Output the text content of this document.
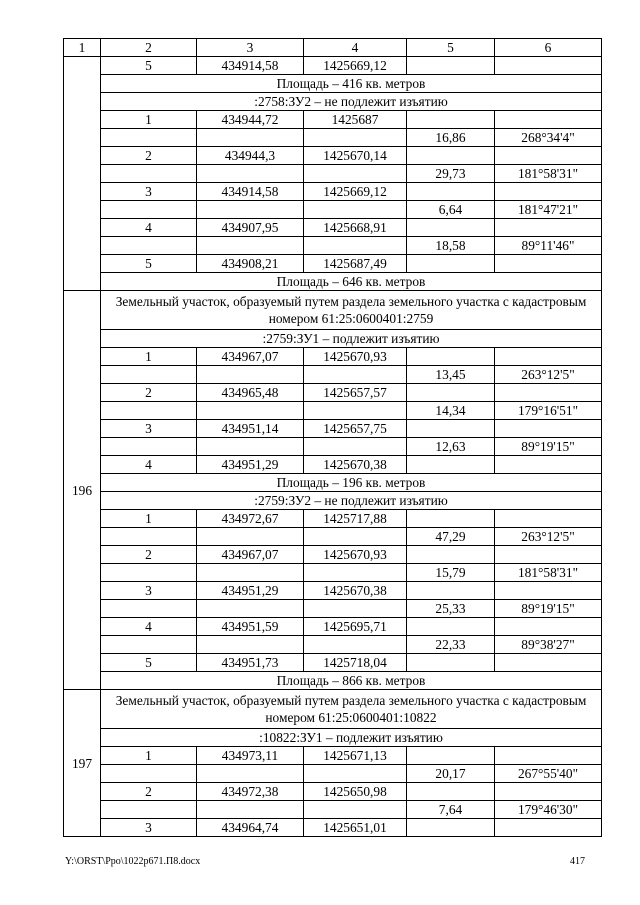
1	2	3	4	5	6
	5	434914,58	1425669,12		
	Площадь – 416 кв. метров				
	:2758:ЗУ2 – не подлежит изъятию				
	1	434944,72	1425687		
				16,86	268°34'4"
	2	434944,3	1425670,14		
				29,73	181°58'31"
	3	434914,58	1425669,12		
				6,64	181°47'21"
	4	434907,95	1425668,91		
				18,58	89°11'46"
	5	434908,21	1425687,49		
	Площадь – 646 кв. метров				
196	Земельный участок, образуемый путем раздела земельного участка с кадастровым номером 61:25:0600401:2759				
	:2759:ЗУ1 – подлежит изъятию				
	1	434967,07	1425670,93		
				13,45	263°12'5"
	2	434965,48	1425657,57		
				14,34	179°16'51"
	3	434951,14	1425657,75		
				12,63	89°19'15"
	4	434951,29	1425670,38		
	Площадь – 196 кв. метров				
	:2759:ЗУ2 – не подлежит изъятию				
	1	434972,67	1425717,88		
				47,29	263°12'5"
	2	434967,07	1425670,93		
				15,79	181°58'31"
	3	434951,29	1425670,38		
				25,33	89°19'15"
	4	434951,59	1425695,71		
				22,33	89°38'27"
	5	434951,73	1425718,04		
	Площадь – 866 кв. метров				
197	Земельный участок, образуемый путем раздела земельного участка с кадастровым номером 61:25:0600401:10822				
	:10822:ЗУ1 – подлежит изъятию				
	1	434973,11	1425671,13		
				20,17	267°55'40"
	2	434972,38	1425650,98		
				7,64	179°46'30"
	3	434964,74	1425651,01		
Y:\ORST\Ppo\1022p671.П8.docx	417
